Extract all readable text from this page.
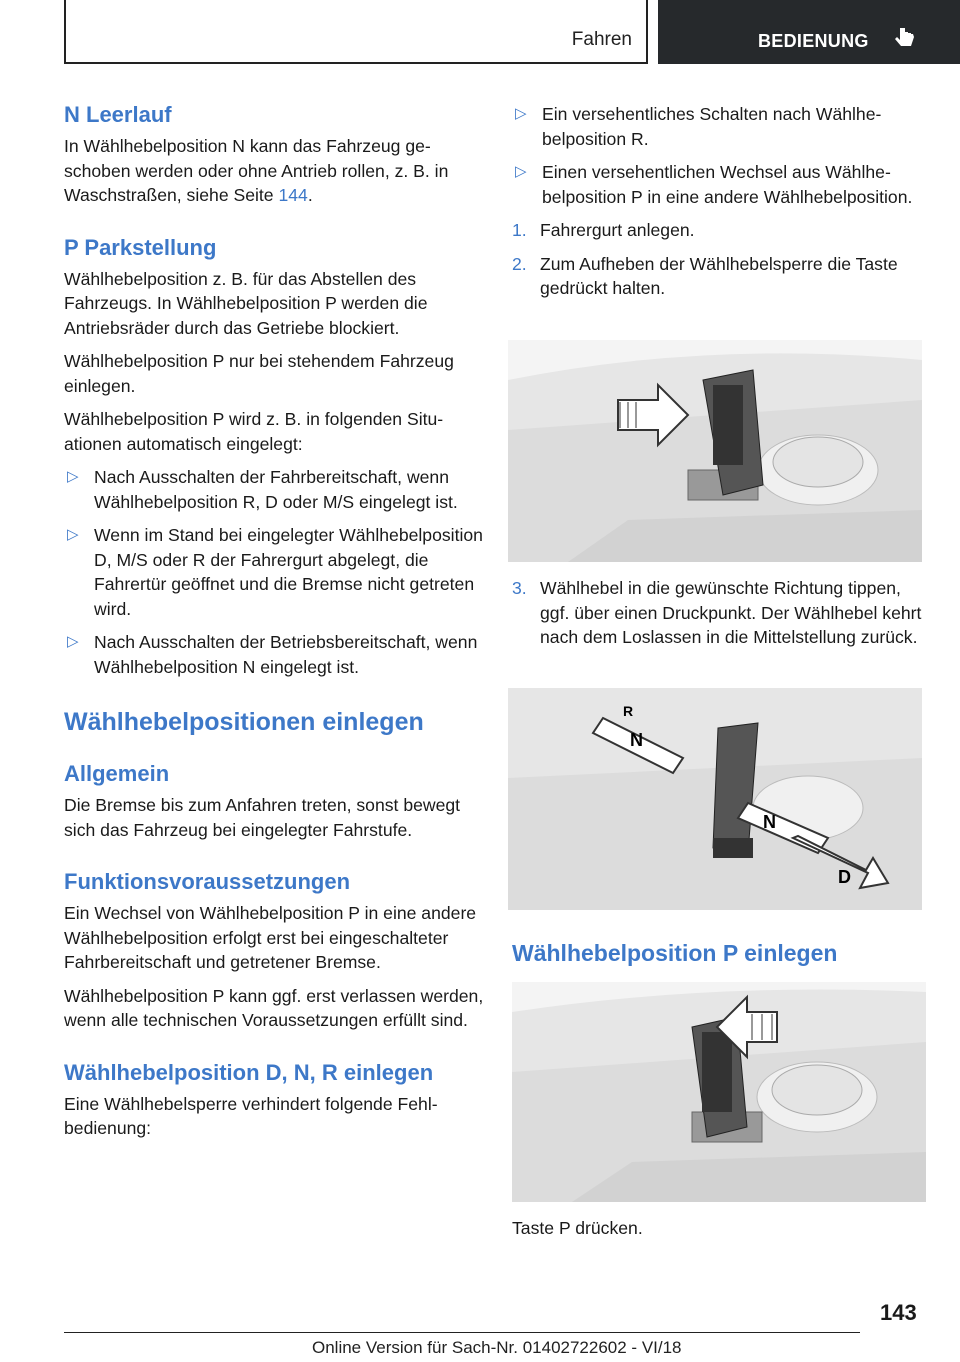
Fahren	BEDIENUNG
N Leerlauf

In Wählhebelposition N kann das Fahrzeug geschoben werden oder ohne Antrieb rollen, z. B. in Waschstraßen, siehe Seite 144.

P Parkstellung

Wählhebelposition z. B. für das Abstellen des Fahrzeugs. In Wählhebelposition P werden die Antriebsräder durch das Getriebe blockiert.

Wählhebelposition P nur bei stehendem Fahrzeug einlegen.

Wählhebelposition P wird z. B. in folgenden Situationen automatisch eingelegt:

▷ Nach Ausschalten der Fahrbereitschaft, wenn Wählhebelposition R, D oder M/S eingelegt ist.
▷ Wenn im Stand bei eingelegter Wählhebelposition D, M/S oder R der Fahrergurt abgelegt, die Fahrertür geöffnet und die Bremse nicht getreten wird.
▷ Nach Ausschalten der Betriebsbereitschaft, wenn Wählhebelposition N eingelegt ist.
Wählhebelpositionen einlegen
Allgemein

Die Bremse bis zum Anfahren treten, sonst bewegt sich das Fahrzeug bei eingelegter Fahrstufe.

Funktionsvoraussetzungen

Ein Wechsel von Wählhebelposition P in eine andere Wählhebelposition erfolgt erst bei eingeschalteter Fahrbereitschaft und getretener Bremse.

Wählhebelposition P kann ggf. erst verlassen werden, wenn alle technischen Voraussetzungen erfüllt sind.

Wählhebelposition D, N, R einlegen

Eine Wählhebelsperre verhindert folgende Fehlbedienung:

▷ Ein versehentliches Schalten nach Wählhebelposition R.
▷ Einen versehentlichen Wechsel aus Wählhebelposition P in eine andere Wählhebelposition.
1. Fahrergurt anlegen.
2. Zum Aufheben der Wählhebelsperre die Taste gedrückt halten.
3. Wählhebel in die gewünschte Richtung tippen, ggf. über einen Druckpunkt. Der Wählhebel kehrt nach dem Loslassen in die Mittelstellung zurück.
R
N
N
D
Wählhebelposition P einlegen

Taste P drücken.

143
Online Version für Sach-Nr. 01402722602 - VI/18
